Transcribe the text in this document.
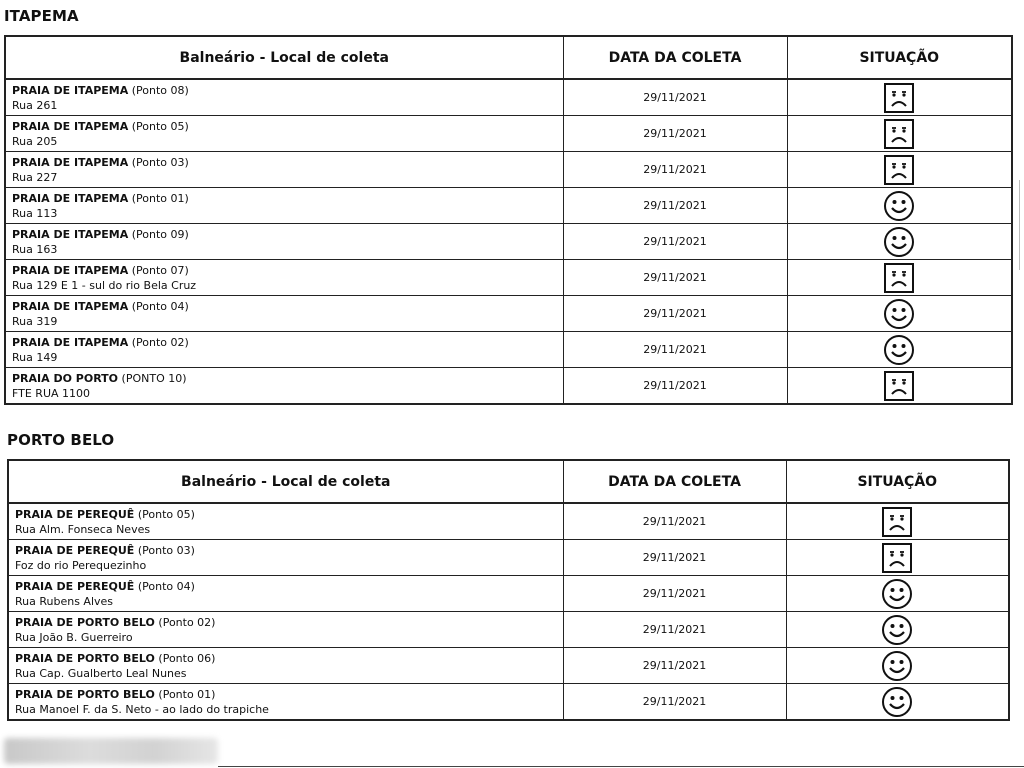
ITAPEMA
Balneário - Local de coleta	DATA DA COLETA	SITUAÇÃO
PRAIA DE ITAPEMA (Ponto 08)
Rua 261	29/11/2021	
PRAIA DE ITAPEMA (Ponto 05)
Rua 205	29/11/2021	
PRAIA DE ITAPEMA (Ponto 03)
Rua 227	29/11/2021	
PRAIA DE ITAPEMA (Ponto 01)
Rua 113	29/11/2021	
PRAIA DE ITAPEMA (Ponto 09)
Rua 163	29/11/2021	
PRAIA DE ITAPEMA (Ponto 07)
Rua 129 E 1 - sul do rio Bela Cruz	29/11/2021	
PRAIA DE ITAPEMA (Ponto 04)
Rua 319	29/11/2021	
PRAIA DE ITAPEMA (Ponto 02)
Rua 149	29/11/2021	
PRAIA DO PORTO (PONTO 10)
FTE RUA 1100	29/11/2021	
PORTO BELO
Balneário - Local de coleta	DATA DA COLETA	SITUAÇÃO
PRAIA DE PEREQUÊ (Ponto 05)
Rua Alm. Fonseca Neves	29/11/2021	
PRAIA DE PEREQUÊ (Ponto 03)
Foz do rio Perequezinho	29/11/2021	
PRAIA DE PEREQUÊ (Ponto 04)
Rua Rubens Alves	29/11/2021	
PRAIA DE PORTO BELO (Ponto 02)
Rua João B. Guerreiro	29/11/2021	
PRAIA DE PORTO BELO (Ponto 06)
Rua Cap. Gualberto Leal Nunes	29/11/2021	
PRAIA DE PORTO BELO (Ponto 01)
Rua Manoel F. da S. Neto - ao lado do trapiche	29/11/2021	
